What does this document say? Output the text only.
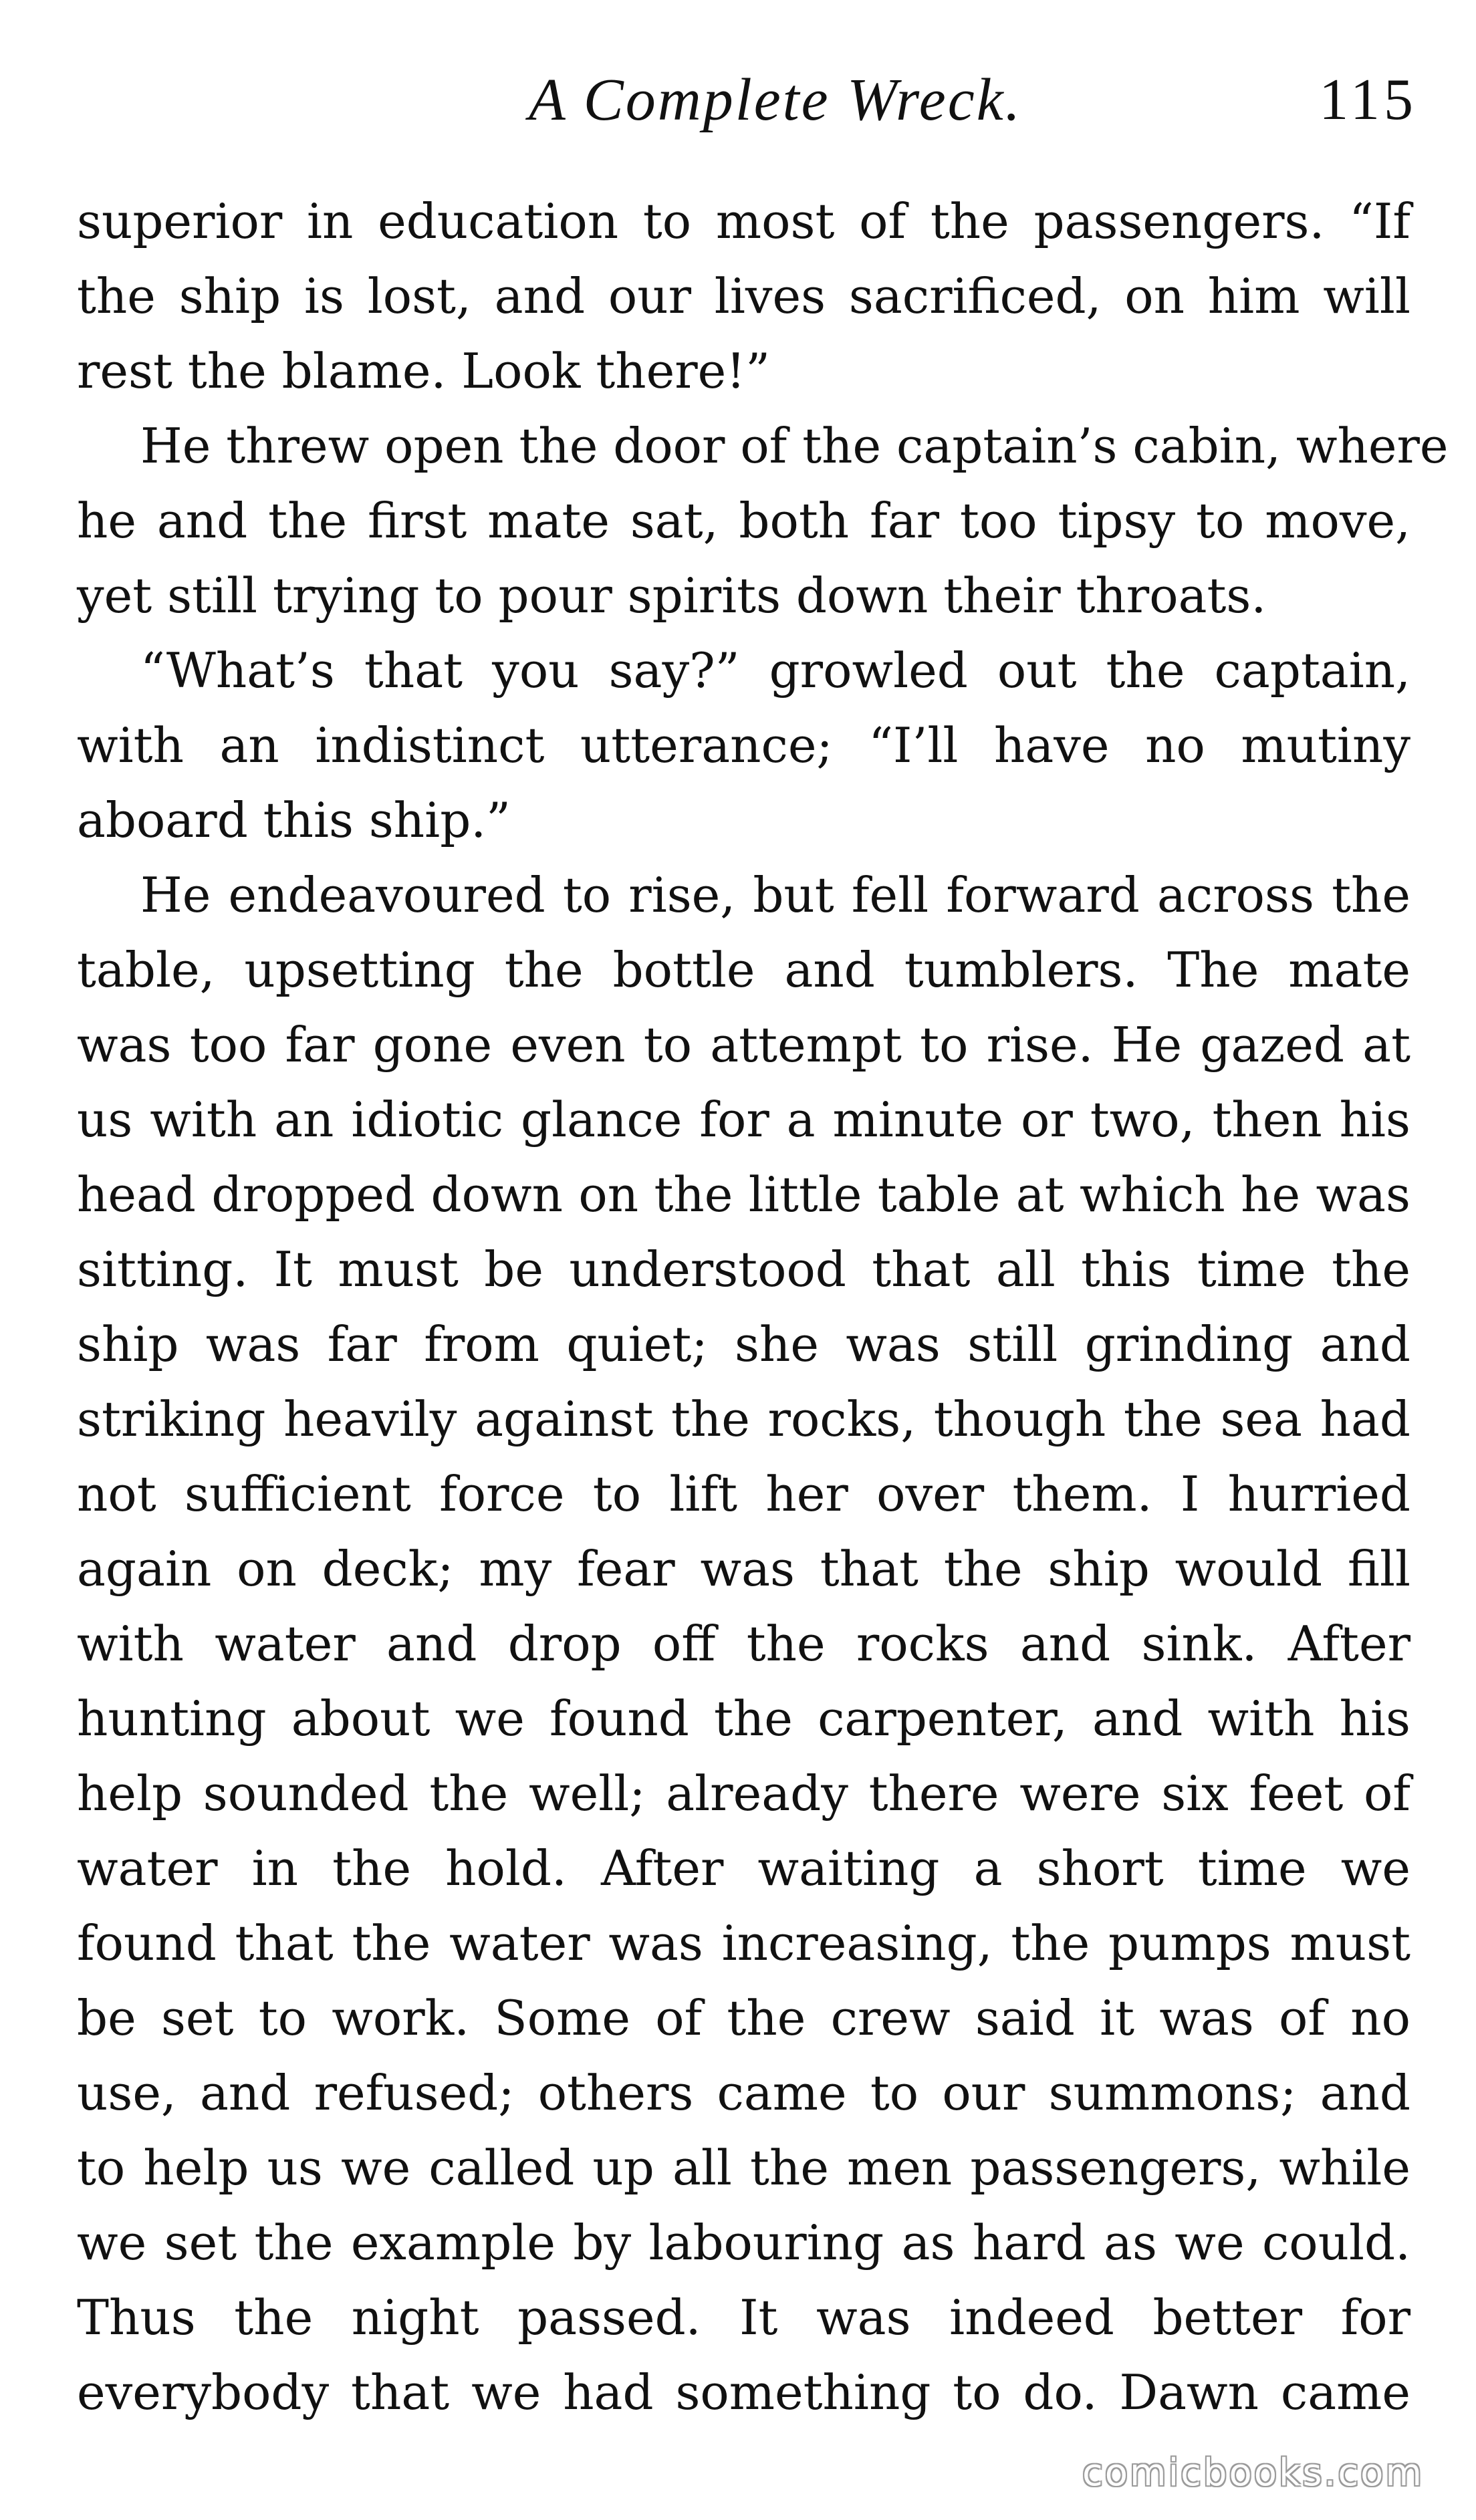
A Complete Wreck.	115
superior in education to most of the passengers. “If
the ship is lost, and our lives sacrificed, on him will
rest the blame. Look there!”
He threw open the door of the captain’s cabin, where
he and the first mate sat, both far too tipsy to move,
yet still trying to pour spirits down their throats.
“What’s that you say?” growled out the captain,
with an indistinct utterance; “I’ll have no mutiny
aboard this ship.”
He endeavoured to rise, but fell forward across the
table, upsetting the bottle and tumblers. The mate
was too far gone even to attempt to rise. He gazed at
us with an idiotic glance for a minute or two, then his
head dropped down on the little table at which he was
sitting. It must be understood that all this time the
ship was far from quiet; she was still grinding and
striking heavily against the rocks, though the sea had
not sufficient force to lift her over them. I hurried
again on deck; my fear was that the ship would fill
with water and drop off the rocks and sink. After
hunting about we found the carpenter, and with his
help sounded the well; already there were six feet of
water in the hold. After waiting a short time we
found that the water was increasing, the pumps must
be set to work. Some of the crew said it was of no
use, and refused; others came to our summons; and
to help us we called up all the men passengers, while
we set the example by labouring as hard as we could.
Thus the night passed. It was indeed better for
everybody that we had something to do. Dawn came
comicbooks.com
